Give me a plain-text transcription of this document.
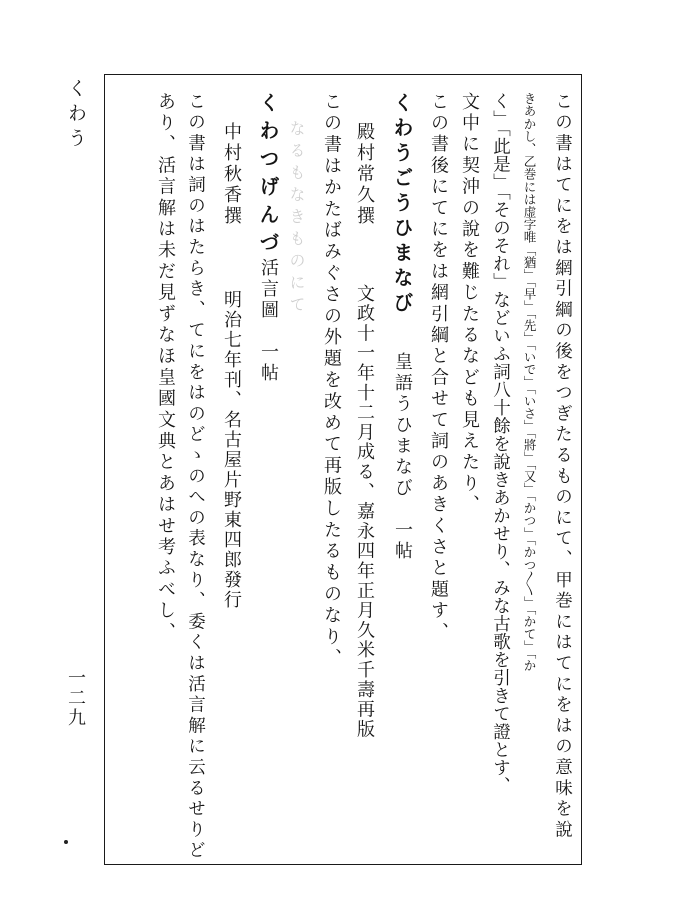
くわう
一二九	この書はてにをは網引綱の後をつぎたるものにて、甲巻にはてにをはの意味を說
きあかし、乙巻には虚字唯「猶」「早」「先」「いで」「いさ」「將」「又」「かつ」「かつ〳〵」「かて」「か
く」「此是」「そのそれ」などいふ詞八十餘を說きあかせり、みな古歌を引きて證とす、
文中に契沖の說を難じたるなども見えたり、
この書後にてにをは網引綱と合せて詞のあきくさと題す、
くわうごうひまなび
皇語うひまなび　一帖
殿村常久撰
文政十一年十二月成る、嘉永四年正月久米千壽再版
この書はかたばみぐさの外題を改めて再版したるものなり、
なるもなきものにて
くわつげんづ
活言圖　一帖
中村秋香撰
明治七年刊、名古屋片野東四郎發行
この書は詞のはたらき、てにをはのどゝのへの表なり、委くは活言解に云るせりど
あり、活言解は未だ見ずなほ皇國文典とあはせ考ふべし、
